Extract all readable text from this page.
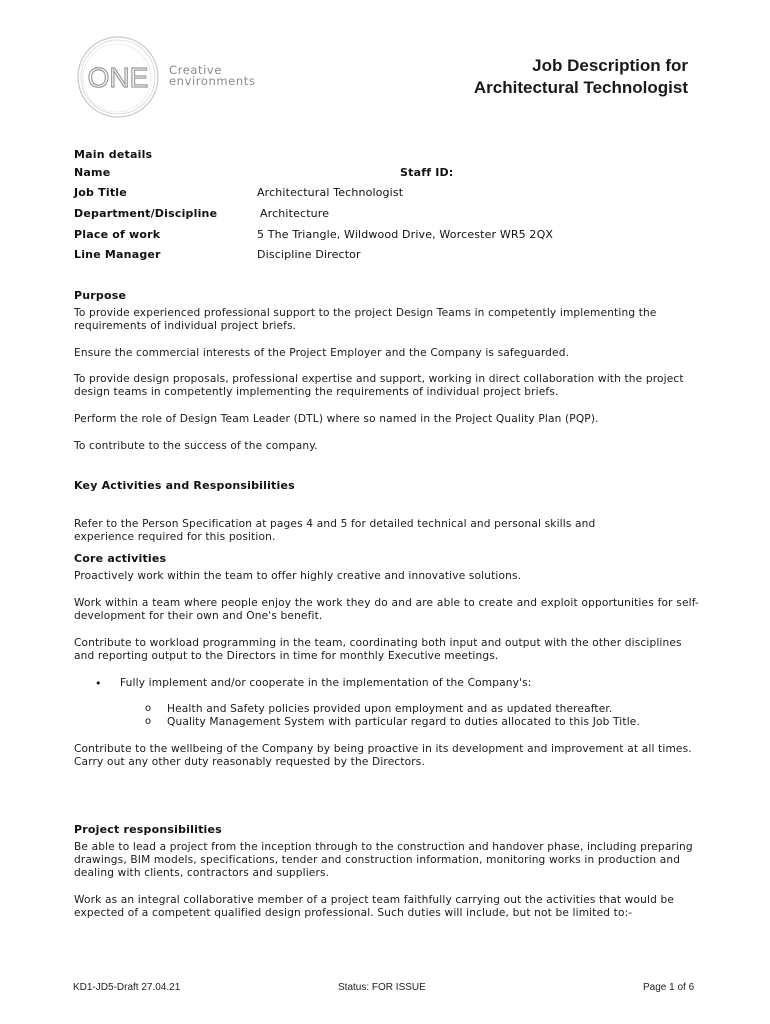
ONE Creative
environments
Job Description for
Architectural Technologist
Main details
Name	Staff ID:
Job Title	Architectural Technologist
Department/Discipline	Architecture
Place of work	5 The Triangle, Wildwood Drive, Worcester WR5 2QX
Line Manager	Discipline Director
Purpose
To provide experienced professional support to the project Design Teams in competently implementing the requirements of individual project briefs.
Ensure the commercial interests of the Project Employer and the Company is safeguarded.
To provide design proposals, professional expertise and support, working in direct collaboration with the project design teams in competently implementing the requirements of individual project briefs.
Perform the role of Design Team Leader (DTL) where so named in the Project Quality Plan (PQP).
To contribute to the success of the company.
Key Activities and Responsibilities
Refer to the Person Specification at pages 4 and 5 for detailed technical and personal skills and experience required for this position.
Core activities
Proactively work within the team to offer highly creative and innovative solutions.
Work within a team where people enjoy the work they do and are able to create and exploit opportunities for self-development for their own and One's benefit.
Contribute to workload programming in the team, coordinating both input and output with the other disciplines and reporting output to the Directors in time for monthly Executive meetings.
• Fully implement and/or cooperate in the implementation of the Company's:
o Health and Safety policies provided upon employment and as updated thereafter.
o Quality Management System with particular regard to duties allocated to this Job Title.
Contribute to the wellbeing of the Company by being proactive in its development and improvement at all times. Carry out any other duty reasonably requested by the Directors.
Project responsibilities
Be able to lead a project from the inception through to the construction and handover phase, including preparing drawings, BIM models, specifications, tender and construction information, monitoring works in production and dealing with clients, contractors and suppliers.
Work as an integral collaborative member of a project team faithfully carrying out the activities that would be expected of a competent qualified design professional. Such duties will include, but not be limited to:-
KD1-JD5-Draft 27.04.21	Status: FOR ISSUE	Page 1 of 6
